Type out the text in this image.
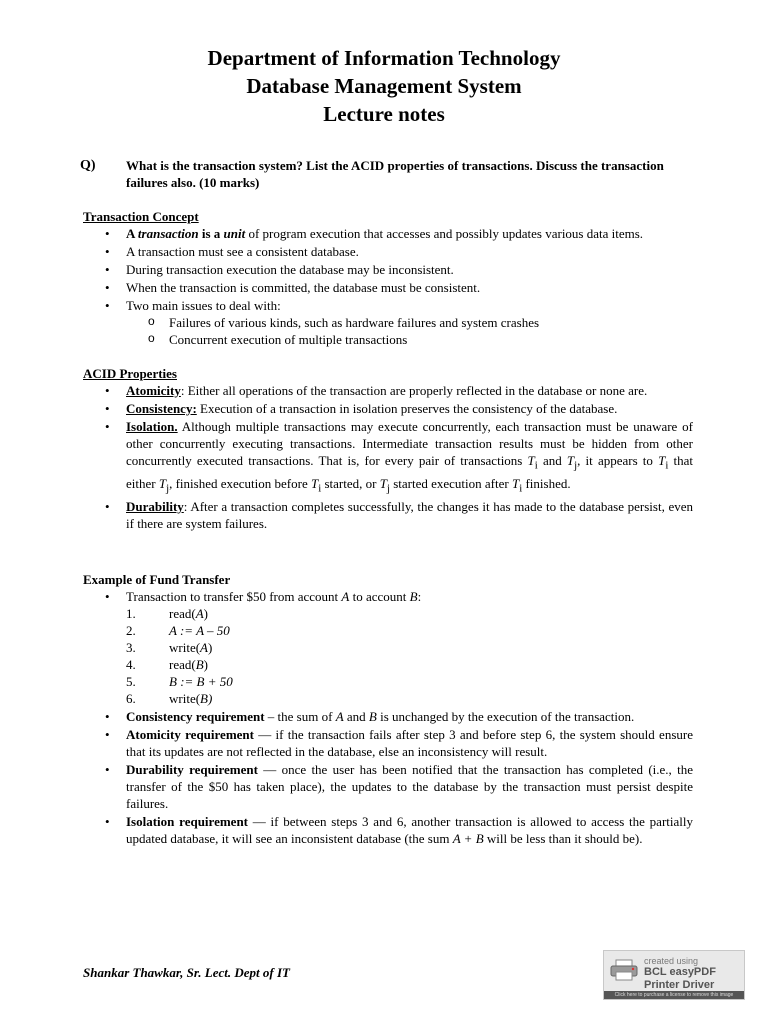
Department of Information Technology
Database Management System
Lecture notes
Q) What is the transaction system? List the ACID properties of transactions. Discuss the transaction failures also. (10 marks)
Transaction Concept
• A transaction is a unit of program execution that accesses and possibly updates various data items.
• A transaction must see a consistent database.
• During transaction execution the database may be inconsistent.
• When the transaction is committed, the database must be consistent.
• Two main issues to deal with:
o Failures of various kinds, such as hardware failures and system crashes
o Concurrent execution of multiple transactions
ACID Properties
• Atomicity: Either all operations of the transaction are properly reflected in the database or none are.
• Consistency: Execution of a transaction in isolation preserves the consistency of the database.
• Isolation. Although multiple transactions may execute concurrently, each transaction must be unaware of other concurrently executing transactions. Intermediate transaction results must be hidden from other concurrently executed transactions. That is, for every pair of transactions $T_i$ and $T_j$, it appears to $T_i$ that either $T_j$, finished execution before $T_i$ started, or $T_j$ started execution after $T_i$ finished.
• Durability: After a transaction completes successfully, the changes it has made to the database persist, even if there are system failures.
Example of Fund Transfer
• Transaction to transfer $50 from account A to account B:
1.	read(A)
2.	A := A – 50
3.	write(A)
4.	read(B)
5.	B := B + 50
6.	write(B)
• Consistency requirement – the sum of A and B is unchanged by the execution of the transaction.
• Atomicity requirement — if the transaction fails after step 3 and before step 6, the system should ensure that its updates are not reflected in the database, else an inconsistency will result.
• Durability requirement — once the user has been notified that the transaction has completed (i.e., the transfer of the $50 has taken place), the updates to the database by the transaction must persist despite failures.
• Isolation requirement — if between steps 3 and 6, another transaction is allowed to access the partially updated database, it will see an inconsistent database (the sum A + B will be less than it should be).
Shankar Thawkar, Sr. Lect. Dept of IT
created using
BCL easyPDF
Printer Driver
Click here to purchase a license to remove this image
